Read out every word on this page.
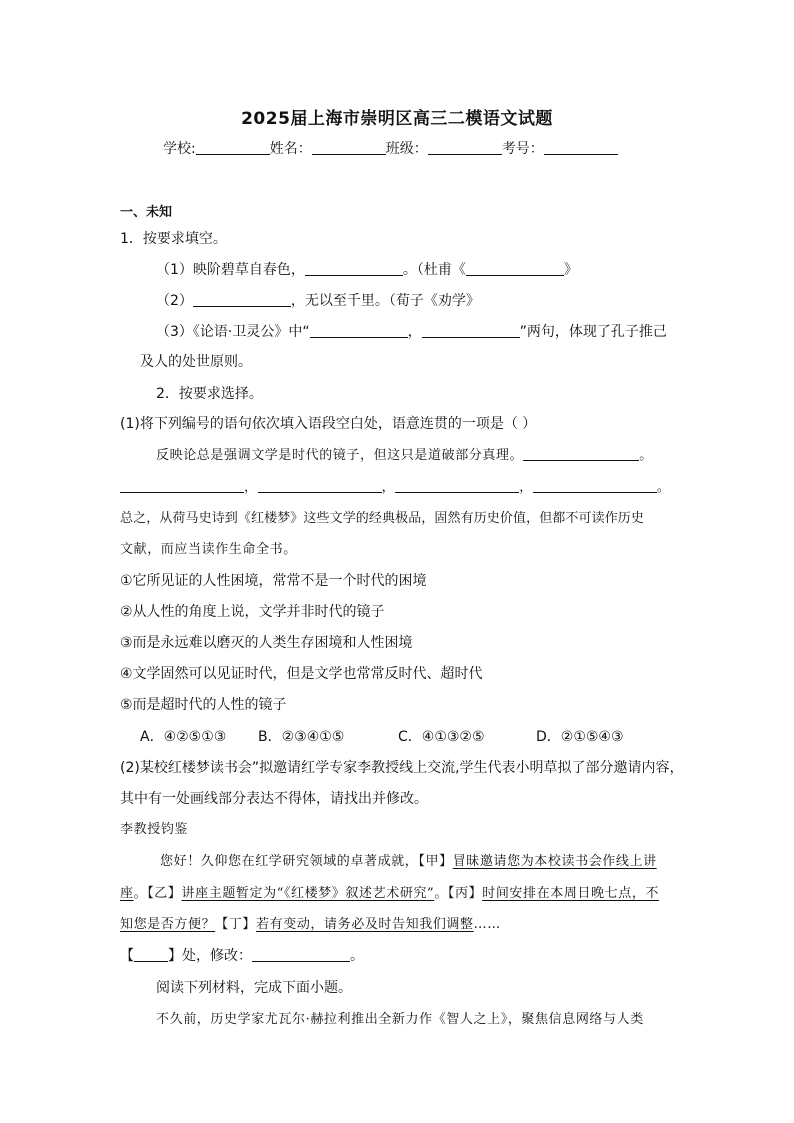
2025届上海市崇明区高三二模语文试题
学校:	姓名：	班级：	考号：
一、未知
1．按要求填空。
（1）映阶碧草自春色，	。（杜甫《	》
（2）	，无以至千里。（荀子《劝学》
（3）《论语·卫灵公》中“	，	”两句，体现了孔子推己
及人的处世原则。
2．按要求选择。
(1)将下列编号的语句依次填入语段空白处，语意连贯的一项是（ ）
反映论总是强调文学是时代的镜子，但这只是道破部分真理。	。
，	，	，	。
总之，从荷马史诗到《红楼梦》这些文学的经典极品，固然有历史价值，但都不可读作历史
文献，而应当读作生命全书。
①它所见证的人性困境，常常不是一个时代的困境
②从人性的角度上说，文学并非时代的镜子
③而是永远难以磨灭的人类生存困境和人性困境
④文学固然可以见证时代，但是文学也常常反时代、超时代
⑤而是超时代的人性的镜子
A．④②⑤①③ B．②③④①⑤	C．④①③②⑤	D．②①⑤④③
(2)某校红楼梦读书会”拟邀请红学专家李教授线上交流,学生代表小明草拟了部分邀请内容，
其中有一处画线部分表达不得体，请找出并修改。
李教授钧鉴
您好！久仰您在红学研究领域的卓著成就，【甲】冒昧邀请您为本校读书会作线上讲
座。【乙】讲座主题暂定为“《红楼梦》叙述艺术研究”。【丙】时间安排在本周日晚七点，不
知您是否方便？【丁】若有变动，请务必及时告知我们调整……
【 】处，修改：	。
阅读下列材料，完成下面小题。
不久前，历史学家尤瓦尔·赫拉利推出全新力作《智人之上》，聚焦信息网络与人类
